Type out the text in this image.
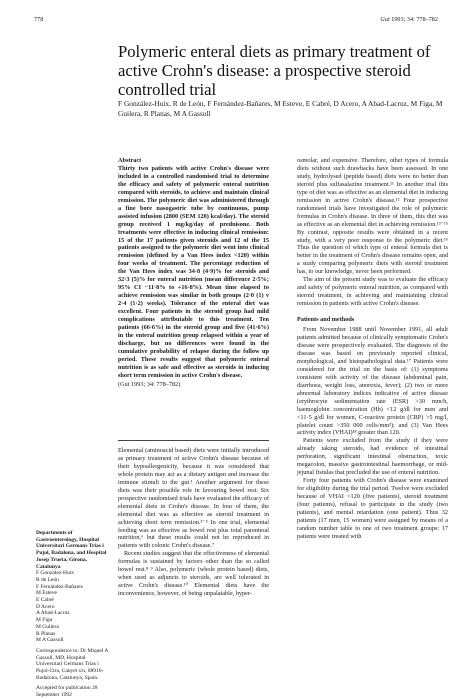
778	Gut 1993; 34: 778–782
Polymeric enteral diets as primary treatment of active Crohn's disease: a prospective steroid controlled trial

F González-Huix, R de León, F Fernández-Bañares, M Esteve, E Cabré, D Acero, A Abad-Lacruz, M Figa, M Guilera, R Planas, M A Gassull

Abstract

Thirty two patients with active Crohn's disease were included in a controlled randomised trial to determine the efficacy and safety of polymeric enteral nutrition compared with steroids, to achieve and maintain clinical remission. The polymeric diet was administered through a fine bore nasogastric tube by continuous, pump assisted infusion (2800 (SEM 120) kcal/day). The steroid group received 1 mg/kg/day of prednisone. Both treatments were effective in inducing clinical remission: 15 of the 17 patients given steroids and 12 of the 15 patients assigned to the polymeric diet went into clinical remission (defined by a Van Hees index <120) within four weeks of treatment. The percentage reduction of the Van Hees index was 34·8 (4·9)% for steroids and 32·3 (5)% for enteral nutrition (mean difference 2·5%; 95% CI −11·8% to +16·8%). Mean time elapsed to achieve remission was similar in both groups (2·0 (1) v 2·4 (1·2) weeks). Tolerance of the enteral diet was excellent. Four patients in the steroid group had mild complications attributable to this treatment. Ten patients (66·6%) in the steroid group and five (41·6%) in the enteral nutrition group relapsed within a year of discharge, but no differences were found in the cumulative probability of relapse during the follow up period. These results suggest that polymeric enteral nutrition is as safe and effective as steroids in inducing short term remission in active Crohn's disease.

(Gut 1993; 34: 778–782)

Elemental (aminoacid based) diets were initially introduced as primary treatment of active Crohn's disease because of their hypoallergenicity, because it was considered that whole protein may act as a dietary antigen and increase the immune stimuli to the gut.¹ Another argument for these diets was their possible role in favouring bowel rest. Six prospective randomised trials have evaluated the efficacy of elemental diets in Crohn's disease. In four of them, the elemental diet was as effective as steroid treatment in achieving short term remission.²⁻⁵ In one trial, elemental feeding was as effective as bowel rest plus total parenteral nutrition,⁶ but these results could not be reproduced in patients with colonic Crohn's disease.⁷

Recent studies suggest that the effectiveness of elemental formulas is sustained by factors other than the so called bowel rest.⁸ ⁹ Also, polymeric (whole protein based) diets, when used as adjuncts to steroids, are well tolerated in active Crohn's disease.¹⁰ Elemental diets have the inconvenience, however, of being unpalatable, hyper-

osmolar, and expensive. Therefore, other types of formula diets without such drawbacks have been assessed. In one study, hydrolysed (peptide based) diets were no better than steroid plus sulfasalazine treatment.¹¹ In another trial this type of diet was as effective as an elemental diet in inducing remission in active Crohn's disease.¹² Four prospective randomised trials have investigated the role of polymeric formulas in Crohn's disease. In three of them, this diet was as effective as an elemental diet in achieving remission.¹³⁻¹⁵ By contrast, opposite results were obtained in a recent study, with a very poor response to the polymeric diet.¹⁶ Thus the question of which type of enteral formula diet is better in the treatment of Crohn's disease remains open, and a study comparing polymeric diets with steroid treatment has, to our knowledge, never been performed.

The aim of the present study was to evaluate the efficacy and safety of polymeric enteral nutrition, as compared with steroid treatment, in achieving and maintaining clinical remission in patients with active Crohn's disease.

Patients and methods

From November 1988 until November 1991, all adult patients admitted because of clinically symptomatic Crohn's disease were prospectively evaluated. The diagnosis of the disease was based on previously reported clinical, morphological, and histopathological data.¹⁷ Patients were considered for the trial on the basis of: (1) symptoms consistent with activity of the disease (abdominal pain, diarrhoea, weight loss, anorexia, fever); (2) two or more abnormal laboratory indices indicative of active disease (erythrocyte sedimentation rate (ESR) >30 mm/h, haemoglobin concentration (Hb) <12 g/dl for men and <11·5 g/dl for women, C-reactive protein (CRP) >5 mg/l, platelet count >350 000 cells/mm³); and (3) Van Hees activity index (VHAI)¹⁸ greater than 120.

Patients were excluded from the study if they were already taking steroids, had evidence of intestinal perforation, significant intestinal obstruction, toxic megacolon, massive gastrointestinal haemorrhage, or mid-jejunal fistulas that precluded the use of enteral nutrition.

Forty four patients with Crohn's disease were examined for eligibility during the trial period. Twelve were excluded because of VHAI <120 (five patients), steroid treatment (four patients), refusal to participate in the study (two patients), and mental retardation (one patient). Thus 32 patients (17 men, 15 women) were assigned by means of a random number table to one of two treatment groups: 17 patients were treated with

Departments of Gastroenterology, Hospital Universitari Germans Trias i Pujol, Badalona, and Hospital Josep Trueta, Girona, Catalunya

F González-Huix

R de León

F Fernández-Bañares

M Esteve

E Cabré

D Acero

A Abad-Lacruz

M Figa

M Guilera

R Planas

M A Gassull

Correspondence to: Dr Miquel A Gassull, MD, Hospital Universitari Germans Trias i Pujol-Ctra, Canyet s/n, 08916-Badalona, Catalunya, Spain.

Accepted for publication 28 September 1992
